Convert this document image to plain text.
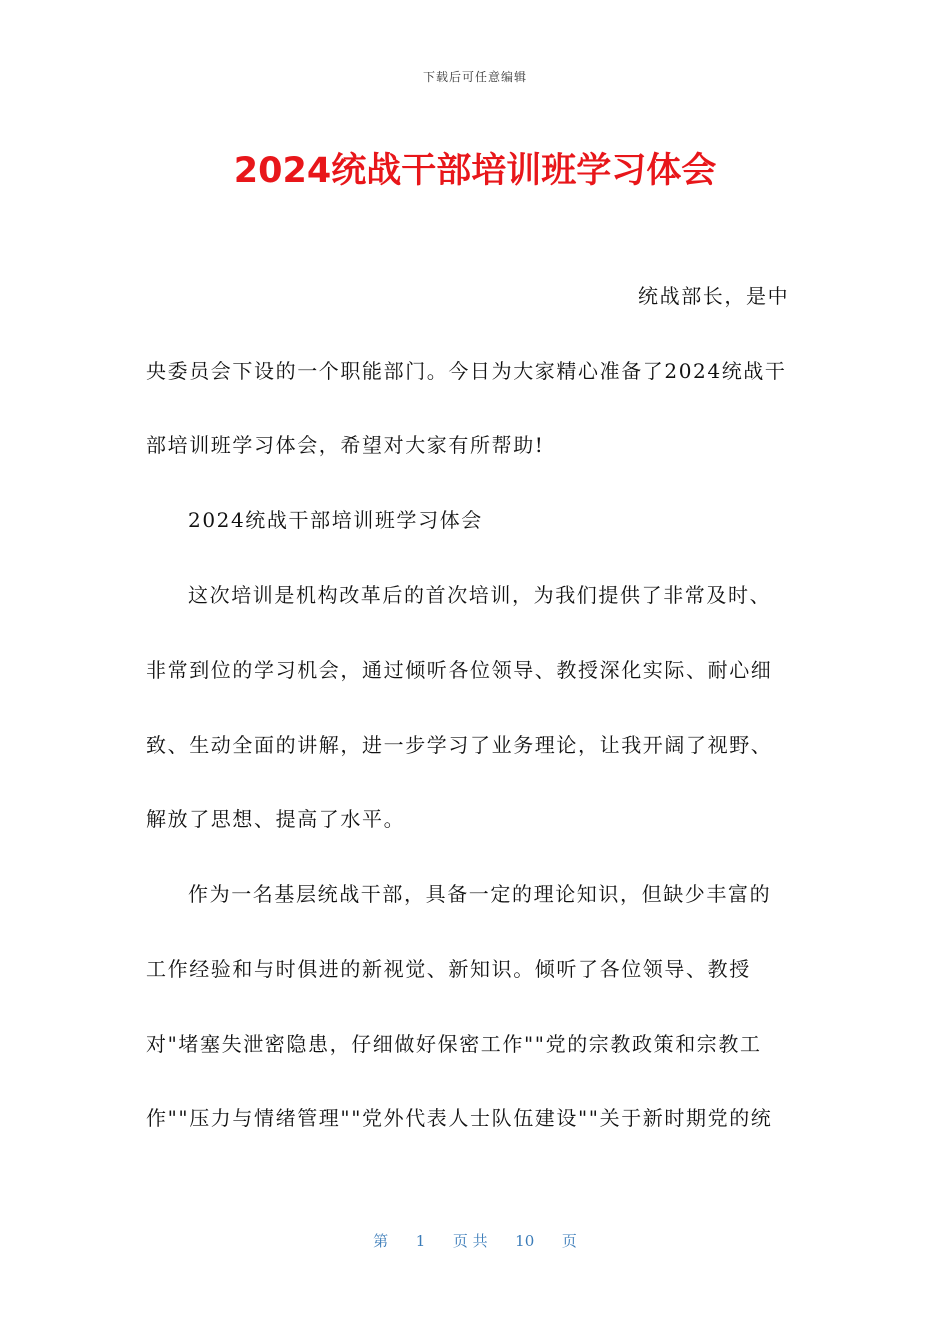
下载后可任意编辑
2024统战干部培训班学习体会
统战部长，是中
央委员会下设的一个职能部门。今日为大家精心准备了2024统战干
部培训班学习体会，希望对大家有所帮助!
2024统战干部培训班学习体会
这次培训是机构改革后的首次培训，为我们提供了非常及时、
非常到位的学习机会，通过倾听各位领导、教授深化实际、耐心细
致、生动全面的讲解，进一步学习了业务理论，让我开阔了视野、
解放了思想、提高了水平。
作为一名基层统战干部，具备一定的理论知识，但缺少丰富的
工作经验和与时俱进的新视觉、新知识。倾听了各位领导、教授
对"堵塞失泄密隐患，仔细做好保密工作""党的宗教政策和宗教工
作""压力与情绪管理""党外代表人士队伍建设""关于新时期党的统
第 1 页 共 10 页
